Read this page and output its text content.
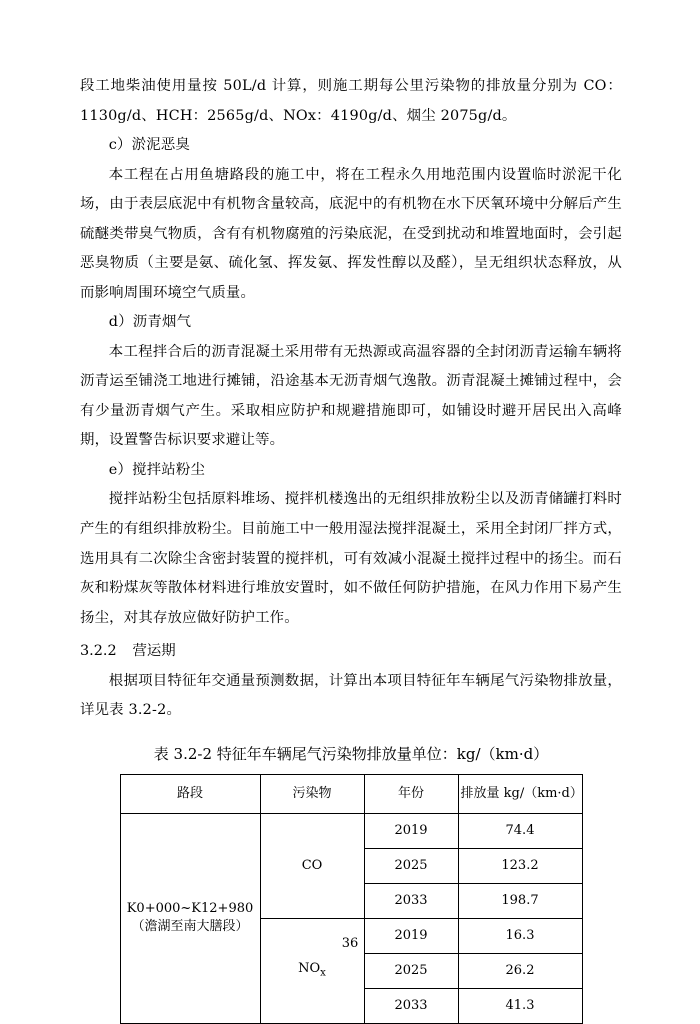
段工地柴油使用量按 50L/d 计算，则施工期每公里污染物的排放量分别为 CO：1130g/d、HCH：2565g/d、NOx：4190g/d、烟尘 2075g/d。

c）淤泥恶臭

本工程在占用鱼塘路段的施工中，将在工程永久用地范围内设置临时淤泥干化场，由于表层底泥中有机物含量较高，底泥中的有机物在水下厌氧环境中分解后产生硫醚类带臭气物质，含有有机物腐殖的污染底泥，在受到扰动和堆置地面时，会引起恶臭物质（主要是氨、硫化氢、挥发氨、挥发性醇以及醛），呈无组织状态释放，从而影响周围环境空气质量。

d）沥青烟气

本工程拌合后的沥青混凝土采用带有无热源或高温容器的全封闭沥青运输车辆将沥青运至铺浇工地进行摊铺，沿途基本无沥青烟气逸散。沥青混凝土摊铺过程中，会有少量沥青烟气产生。采取相应防护和规避措施即可，如铺设时避开居民出入高峰期，设置警告标识要求避让等。

e）搅拌站粉尘

搅拌站粉尘包括原料堆场、搅拌机楼逸出的无组织排放粉尘以及沥青储罐打料时产生的有组织排放粉尘。目前施工中一般用湿法搅拌混凝土，采用全封闭厂拌方式，选用具有二次除尘含密封装置的搅拌机，可有效减小混凝土搅拌过程中的扬尘。而石灰和粉煤灰等散体材料进行堆放安置时，如不做任何防护措施，在风力作用下易产生扬尘，对其存放应做好防护工作。

3.2.2 营运期

根据项目特征年交通量预测数据，计算出本项目特征年车辆尾气污染物排放量，详见表 3.2-2。

表 3.2-2 特征年车辆尾气污染物排放量单位：kg/（km·d）
路段	污染物	年份	排放量 kg/（km·d）
K0+000~K12+980（澹湖至南大膳段）	CO	2019	74.4
		2025	123.2
		2033	198.7
	$NO_x$	2019	16.3
		2025	26.2
		2033	41.3
36
